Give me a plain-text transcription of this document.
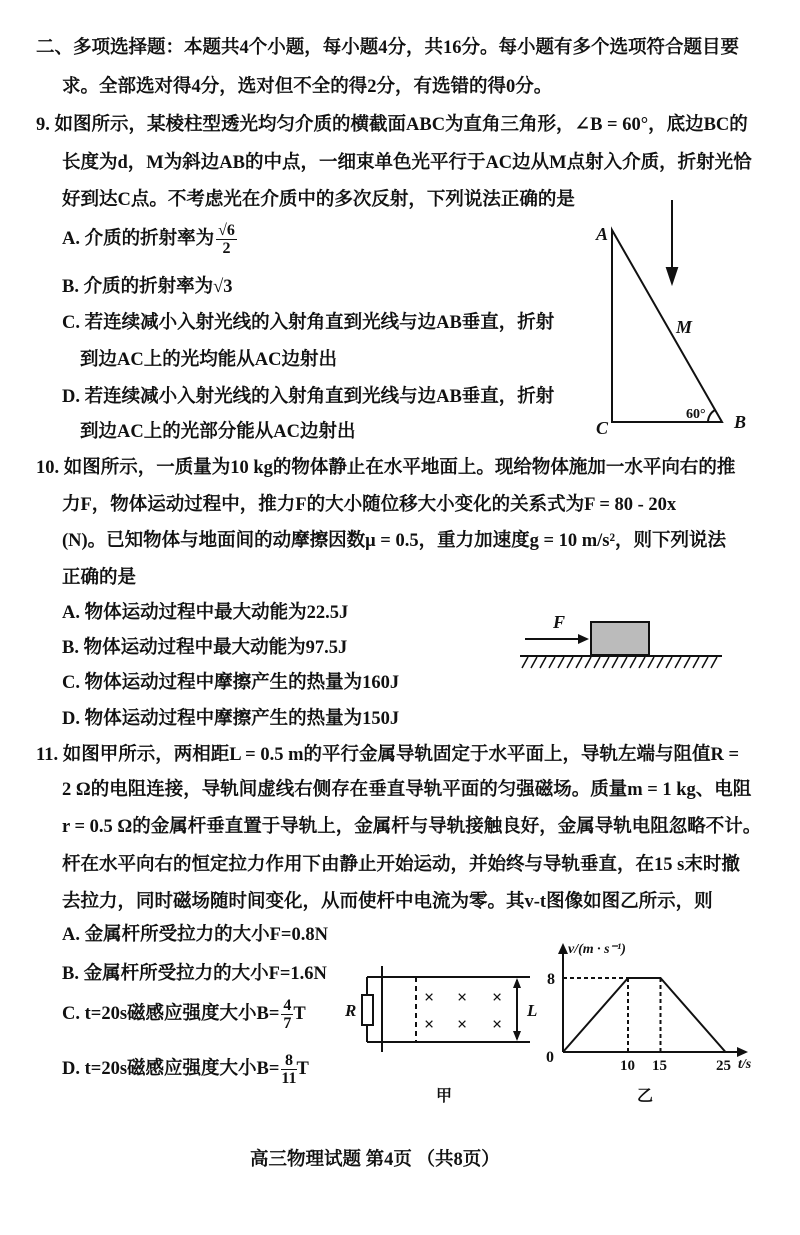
二、多项选择题：本题共4个小题，每小题4分，共16分。每小题有多个选项符合题目要
求。全部选对得4分，选对但不全的得2分，有选错的得0分。
9. 如图所示，某棱柱型透光均匀介质的横截面ABC为直角三角形，∠B = 60°，底边BC的
长度为d，M为斜边AB的中点，一细束单色光平行于AC边从M点射入介质，折射光恰
好到达C点。不考虑光在介质中的多次反射，下列说法正确的是
A. 介质的折射率为 $\frac{√6}{2}$
B. 介质的折射率为√3
C. 若连续减小入射光线的入射角直到光线与边AB垂直，折射
到边AC上的光均能从AC边射出
D. 若连续减小入射光线的入射角直到光线与边AB垂直，折射
到边AC上的光部分能从AC边射出
10. 如图所示，一质量为10 kg的物体静止在水平地面上。现给物体施加一水平向右的推
力F，物体运动过程中，推力F的大小随位移大小变化的关系式为F = 80 - 20x
(N)。已知物体与地面间的动摩擦因数μ = 0.5，重力加速度g = 10 m/s²，则下列说法
正确的是
A. 物体运动过程中最大动能为22.5J
B. 物体运动过程中最大动能为97.5J
C. 物体运动过程中摩擦产生的热量为160J
D. 物体运动过程中摩擦产生的热量为150J
11. 如图甲所示，两相距L = 0.5 m的平行金属导轨固定于水平面上，导轨左端与阻值R =
2 Ω的电阻连接，导轨间虚线右侧存在垂直导轨平面的匀强磁场。质量m = 1 kg、电阻
r = 0.5 Ω的金属杆垂直置于导轨上，金属杆与导轨接触良好，金属导轨电阻忽略不计。
杆在水平向右的恒定拉力作用下由静止开始运动，并始终与导轨垂直，在15 s末时撤
去拉力，同时磁场随时间变化，从而使杆中电流为零。其v-t图像如图乙所示，则
A. 金属杆所受拉力的大小F=0.8N
B. 金属杆所受拉力的大小F=1.6N
C. t=20s磁感应强度大小$B= \frac{4}{7}$ T
D. t=20s磁感应强度大小$B= \frac{8}{11}$ T
高三物理试题 第4页 （共8页）
A
B
C
M
60°
F
× × ×
× × ×
R	L
甲
v/(m · s⁻¹)
t/s
0
8
10 15	25
乙
